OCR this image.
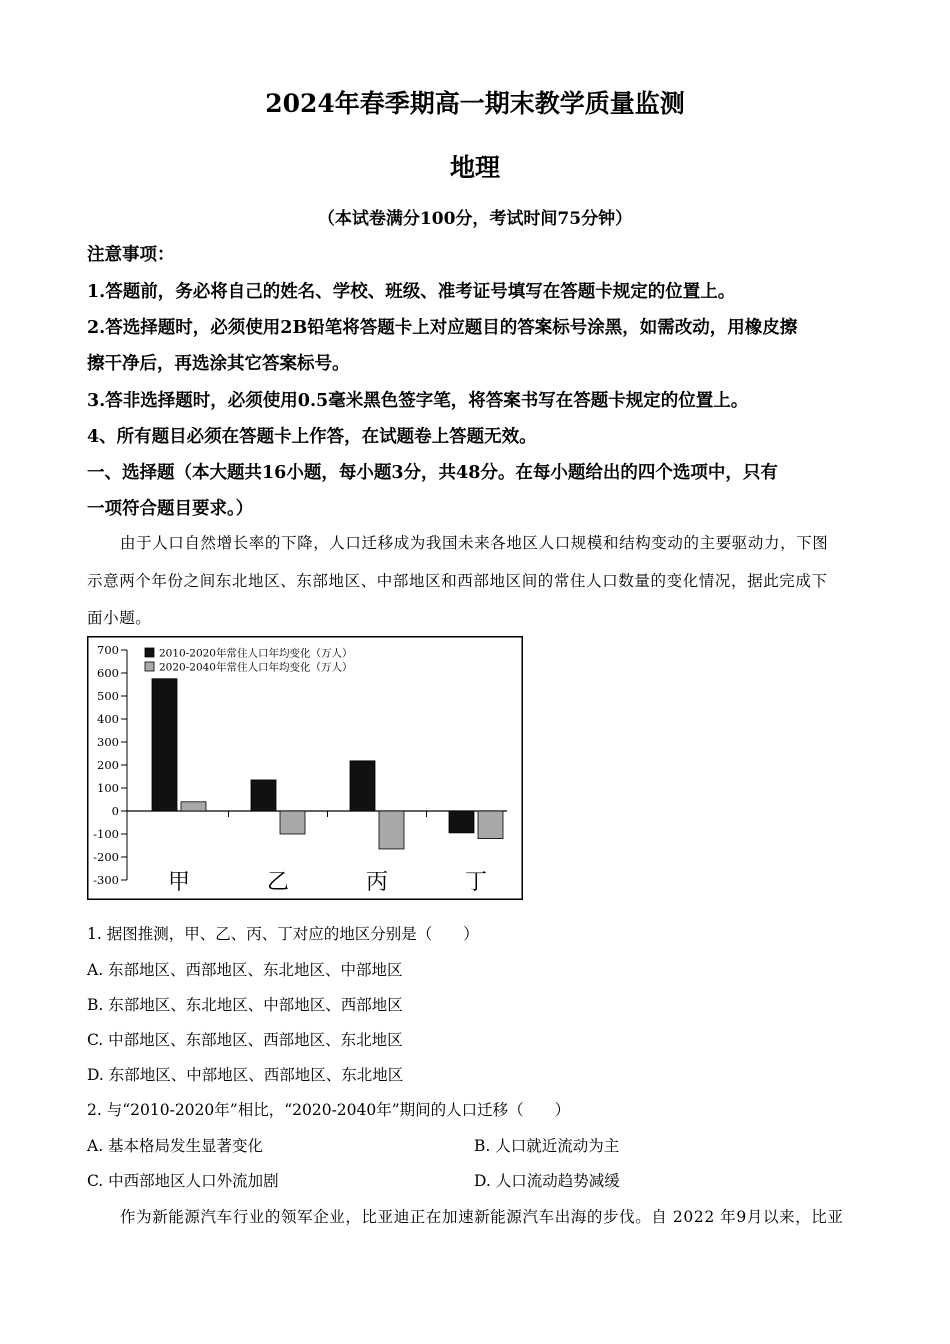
2024年春季期高一期末教学质量监测
地理
（本试卷满分100分，考试时间75分钟）
注意事项：
1.答题前，务必将自己的姓名、学校、班级、准考证号填写在答题卡规定的位置上。
2.答选择题时，必须使用2B铅笔将答题卡上对应题目的答案标号涂黑，如需改动，用橡皮擦
擦干净后，再选涂其它答案标号。
3.答非选择题时，必须使用0.5毫米黑色签字笔，将答案书写在答题卡规定的位置上。
4、所有题目必须在答题卡上作答，在试题卷上答题无效。
一、选择题（本大题共16小题，每小题3分，共48分。在每小题给出的四个选项中，只有
一项符合题目要求。）
由于人口自然增长率的下降，人口迁移成为我国未来各地区人口规模和结构变动的主要驱动力，下图
示意两个年份之间东北地区、东部地区、中部地区和西部地区间的常住人口数量的变化情况，据此完成下
面小题。
700
600
500
400
300
200
100
0
-100
-200
-300 甲	乙	丙	丁
2010-2020年常住人口年均变化（万人）
2020-2040年常住人口年均变化（万人）
1. 据图推测，甲、乙、丙、丁对应的地区分别是（　　）
A. 东部地区、西部地区、东北地区、中部地区
B. 东部地区、东北地区、中部地区、西部地区
C. 中部地区、东部地区、西部地区、东北地区
D. 东部地区、中部地区、西部地区、东北地区
2. 与“2010-2020年”相比，“2020-2040年”期间的人口迁移（　　）
A. 基本格局发生显著变化	B. 人口就近流动为主
C. 中西部地区人口外流加剧	D. 人口流动趋势减缓
作为新能源汽车行业的领军企业，比亚迪正在加速新能源汽车出海的步伐。自 2022 年9月以来，比亚
